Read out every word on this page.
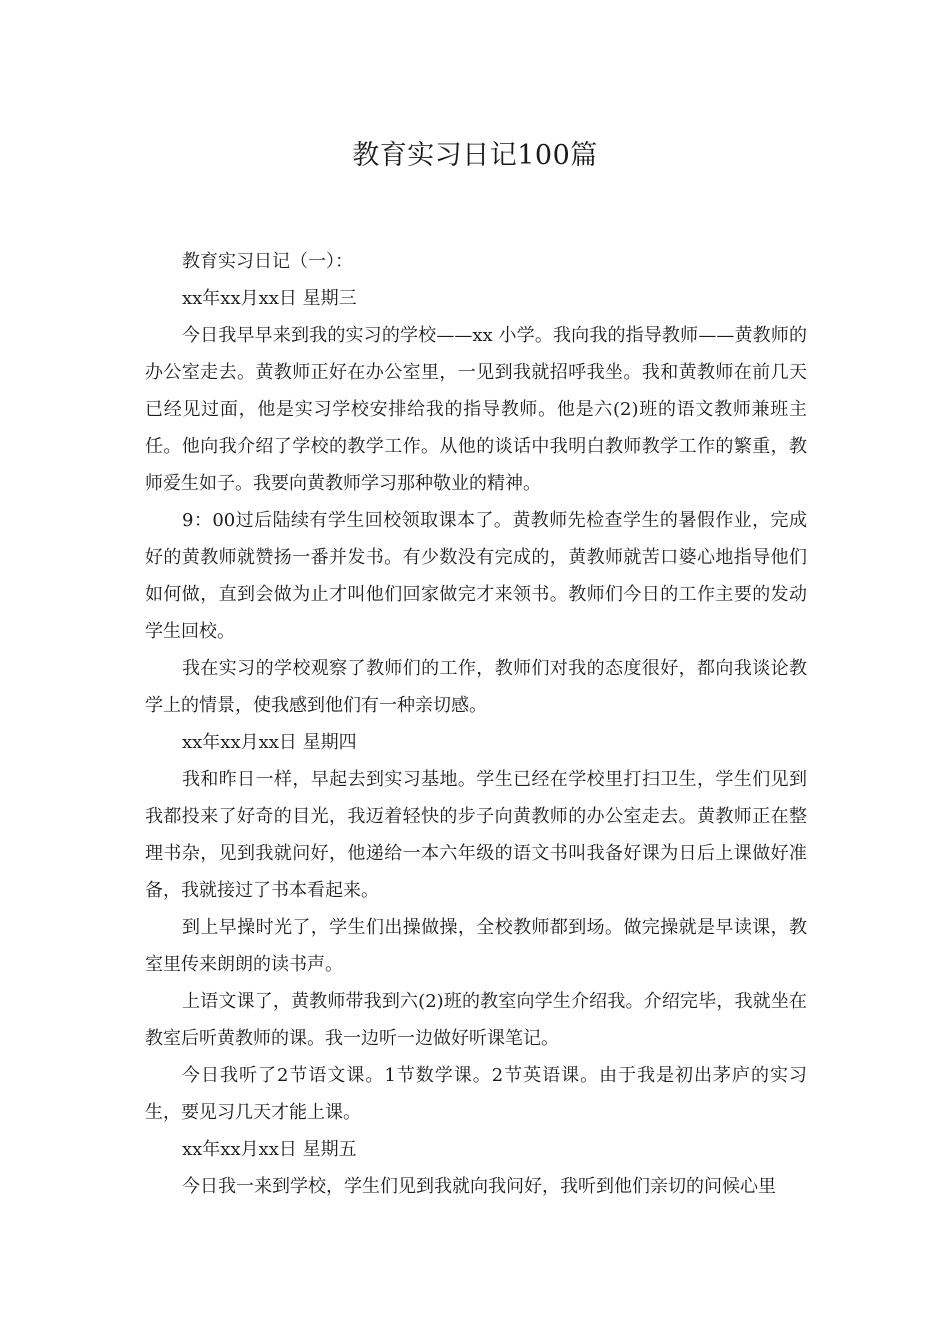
教育实习日记100篇

教育实习日记（一）：

xx年xx月xx日 星期三

今日我早早来到我的实习的学校——xx 小学。我向我的指导教师——黄教师的办公室走去。黄教师正好在办公室里，一见到我就招呼我坐。我和黄教师在前几天已经见过面，他是实习学校安排给我的指导教师。他是六(2)班的语文教师兼班主任。他向我介绍了学校的教学工作。从他的谈话中我明白教师教学工作的繁重，教师爱生如子。我要向黄教师学习那种敬业的精神。

9：00过后陆续有学生回校领取课本了。黄教师先检查学生的暑假作业，完成好的黄教师就赞扬一番并发书。有少数没有完成的，黄教师就苦口婆心地指导他们如何做，直到会做为止才叫他们回家做完才来领书。教师们今日的工作主要的发动学生回校。

我在实习的学校观察了教师们的工作，教师们对我的态度很好，都向我谈论教学上的情景，使我感到他们有一种亲切感。

xx年xx月xx日 星期四

我和昨日一样，早起去到实习基地。学生已经在学校里打扫卫生，学生们见到我都投来了好奇的目光，我迈着轻快的步子向黄教师的办公室走去。黄教师正在整理书杂，见到我就问好，他递给一本六年级的语文书叫我备好课为日后上课做好准备，我就接过了书本看起来。

到上早操时光了，学生们出操做操，全校教师都到场。做完操就是早读课，教室里传来朗朗的读书声。

上语文课了，黄教师带我到六(2)班的教室向学生介绍我。介绍完毕，我就坐在教室后听黄教师的课。我一边听一边做好听课笔记。

今日我听了2节语文课。1节数学课。2节英语课。由于我是初出茅庐的实习生，要见习几天才能上课。

xx年xx月xx日 星期五

今日我一来到学校，学生们见到我就向我问好，我听到他们亲切的问候心里
